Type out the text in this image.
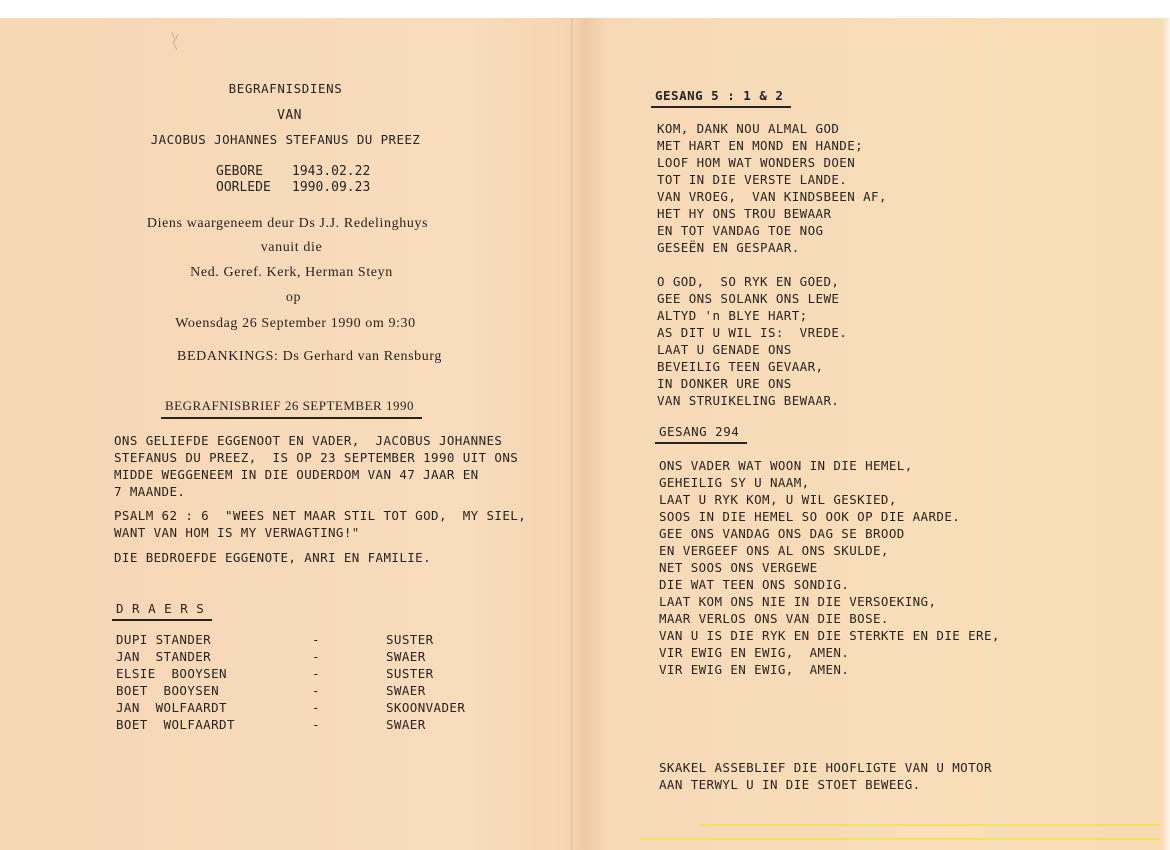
BEGRAFNISDIENS

VAN

JACOBUS JOHANNES STEFANUS DU PREEZ

GEBORE 1943.02.22
OORLEDE 1990.09.23

Diens waargeneem deur Ds J.J. Redelinghuys

vanuit die

Ned. Geref. Kerk, Herman Steyn

op

Woensdag 26 September 1990 om 9:30

BEDANKINGS: Ds Gerhard van Rensburg

BEGRAFNISBRIEF 26 SEPTEMBER 1990

ONS GELIEFDE EGGENOOT EN VADER,  JACOBUS JOHANNES
STEFANUS DU PREEZ,  IS OP 23 SEPTEMBER 1990 UIT ONS
MIDDE WEGGENEEM IN DIE OUDERDOM VAN 47 JAAR EN
7 MAANDE.
PSALM 62 : 6  "WEES NET MAAR STIL TOT GOD,  MY SIEL,
WANT VAN HOM IS MY VERWAGTING!"
DIE BEDROEFDE EGGENOTE, ANRI EN FAMILIE.

D R A E R S

DUPI STANDER	-	SUSTER
JAN  STANDER	-	SWAER
ELSIE  BOOYSEN	-	SUSTER
BOET  BOOYSEN	-	SWAER
JAN  WOLFAARDT	-	SKOONVADER
BOET  WOLFAARDT	-	SWAER

GESANG 5 : 1 & 2

KOM, DANK NOU ALMAL GOD
MET HART EN MOND EN HANDE;
LOOF HOM WAT WONDERS DOEN
TOT IN DIE VERSTE LANDE.
VAN VROEG,  VAN KINDSBEEN AF,
HET HY ONS TROU BEWAAR
EN TOT VANDAG TOE NOG
GESEËN EN GESPAAR.
O GOD,  SO RYK EN GOED,
GEE ONS SOLANK ONS LEWE
ALTYD 'n BLYE HART;
AS DIT U WIL IS:  VREDE.
LAAT U GENADE ONS
BEVEILIG TEEN GEVAAR,
IN DONKER URE ONS
VAN STRUIKELING BEWAAR.

GESANG 294

ONS VADER WAT WOON IN DIE HEMEL,
GEHEILIG SY U NAAM,
LAAT U RYK KOM, U WIL GESKIED,
SOOS IN DIE HEMEL SO OOK OP DIE AARDE.
GEE ONS VANDAG ONS DAG SE BROOD
EN VERGEEF ONS AL ONS SKULDE,
NET SOOS ONS VERGEWE
DIE WAT TEEN ONS SONDIG.
LAAT KOM ONS NIE IN DIE VERSOEKING,
MAAR VERLOS ONS VAN DIE BOSE.
VAN U IS DIE RYK EN DIE STERKTE EN DIE ERE,
VIR EWIG EN EWIG,  AMEN.
VIR EWIG EN EWIG,  AMEN.
SKAKEL ASSEBLIEF DIE HOOFLIGTE VAN U MOTOR
AAN TERWYL U IN DIE STOET BEWEEG.
